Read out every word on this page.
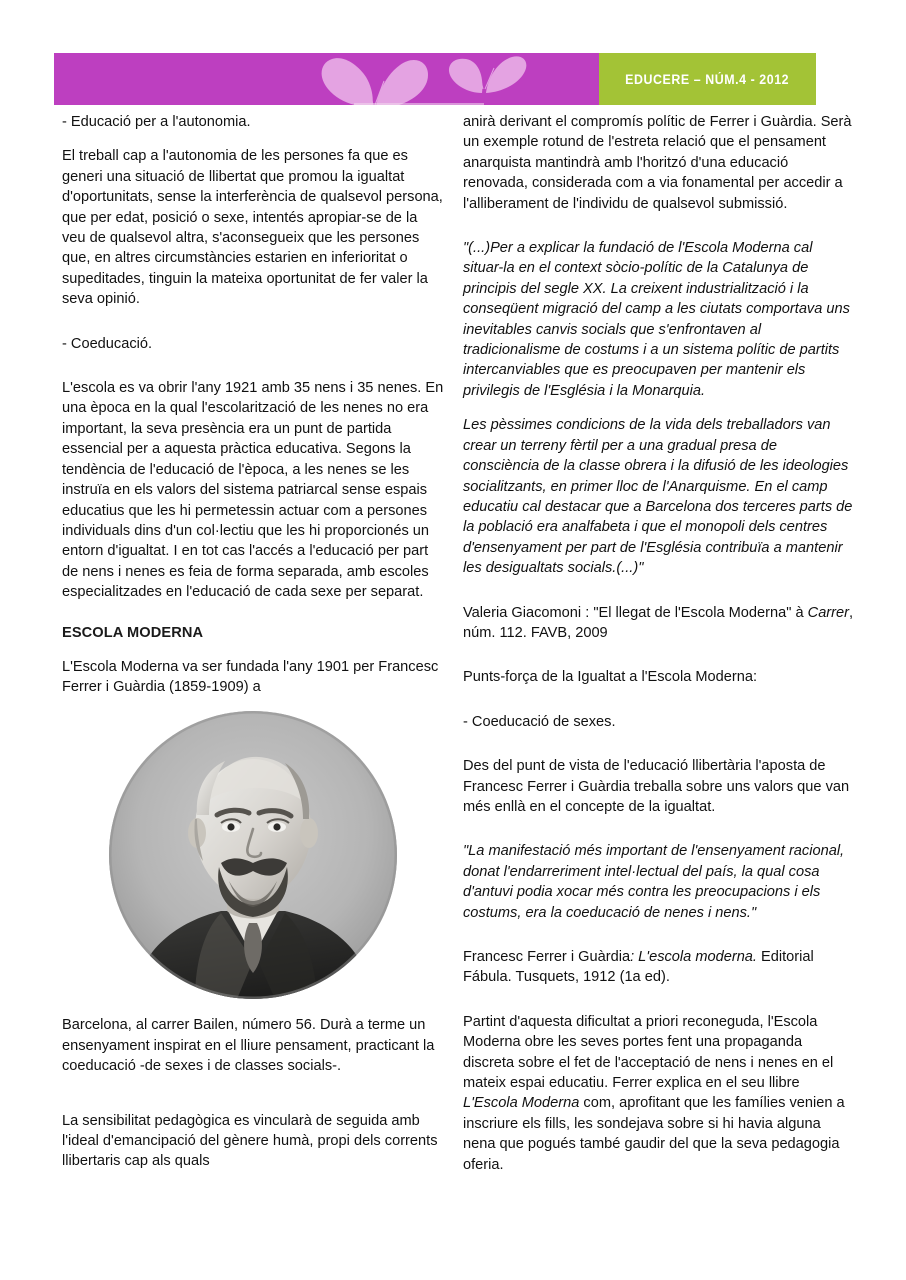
EDUCERE – NÚM.4 - 2012

- Educació per a l'autonomia.

El treball cap a l'autonomia de les persones fa que es generi una situació de llibertat que promou la igualtat d'oportunitats, sense la interferència de qualsevol persona, que per edat, posició o sexe, intentés apropiar-se de la veu de qualsevol altra, s'aconsegueix que les persones que, en altres circumstàncies estarien en inferioritat o supeditades, tinguin la mateixa oportunitat de fer valer la seva opinió.

- Coeducació.

L'escola es va obrir l'any 1921 amb 35 nens i 35 nenes. En una època en la qual l'escolarització de les nenes no era important, la seva presència era un punt de partida essencial per a aquesta pràctica educativa. Segons la tendència de l'educació de l'època, a les nenes se les instruïa en els valors del sistema patriarcal sense espais educatius que les hi permetessin actuar com a persones individuals dins d'un col·lectiu que les hi proporcionés un entorn d'igualtat. I en tot cas l'accés a l'educació per part de nens i nenes es feia de forma separada, amb escoles especialitzades en l'educació de cada sexe per separat.

ESCOLA MODERNA

L'Escola Moderna va ser fundada l'any 1901 per Francesc Ferrer i Guàrdia (1859-1909) a

Barcelona, al carrer Bailen, número 56. Durà a terme un ensenyament inspirat en el lliure pensament, practicant la coeducació -de sexes i de classes socials-.

La sensibilitat pedagògica es vincularà de seguida amb l'ideal d'emancipació del gènere humà, propi dels corrents llibertaris cap als quals

anirà derivant el compromís polític de Ferrer i Guàrdia. Serà un exemple rotund de l'estreta relació que el pensament anarquista mantindrà amb l'horitzó d'una educació renovada, considerada com a via fonamental per accedir a l'alliberament de l'individu de qualsevol submissió.

"(...)Per a explicar la fundació de l'Escola Moderna cal situar-la en el context sòcio-polític de la Catalunya de principis del segle XX. La creixent industrialització i la conseqüent migració del camp a les ciutats comportava uns inevitables canvis socials que s'enfrontaven al tradicionalisme de costums i a un sistema polític de partits intercanviables que es preocupaven per mantenir els privilegis de l'Església i la Monarquia.

Les pèssimes condicions de la vida dels treballadors van crear un terreny fèrtil per a una gradual presa de consciència de la classe obrera i la difusió de les ideologies socialitzants, en primer lloc de l'Anarquisme. En el camp educatiu cal destacar que a Barcelona dos terceres parts de la població era analfabeta i que el monopoli dels centres d'ensenyament per part de l'Església contribuïa a mantenir les desigualtats socials.(...)"

Valeria Giacomoni : "El llegat de l'Escola Moderna" à Carrer, núm. 112. FAVB, 2009

Punts-força de la Igualtat a l'Escola Moderna:

- Coeducació de sexes.

Des del punt de vista de l'educació llibertària l'aposta de Francesc Ferrer i Guàrdia treballa sobre uns valors que van més enllà en el concepte de la igualtat.

"La manifestació més important de l'ensenyament racional, donat l'endarreriment intel·lectual del país, la qual cosa d'antuvi podia xocar més contra les preocupacions i els costums, era la coeducació de nenes i nens."

Francesc Ferrer i Guàrdia: L'escola moderna. Editorial Fábula. Tusquets, 1912 (1a ed).

Partint d'aquesta dificultat a priori reconeguda, l'Escola Moderna obre les seves portes fent una propaganda discreta sobre el fet de l'acceptació de nens i nenes en el mateix espai educatiu. Ferrer explica en el seu llibre L'Escola Moderna com, aprofitant que les famílies venien a inscriure els fills, les sondejava sobre si hi havia alguna nena que pogués també gaudir del que la seva pedagogia oferia.
